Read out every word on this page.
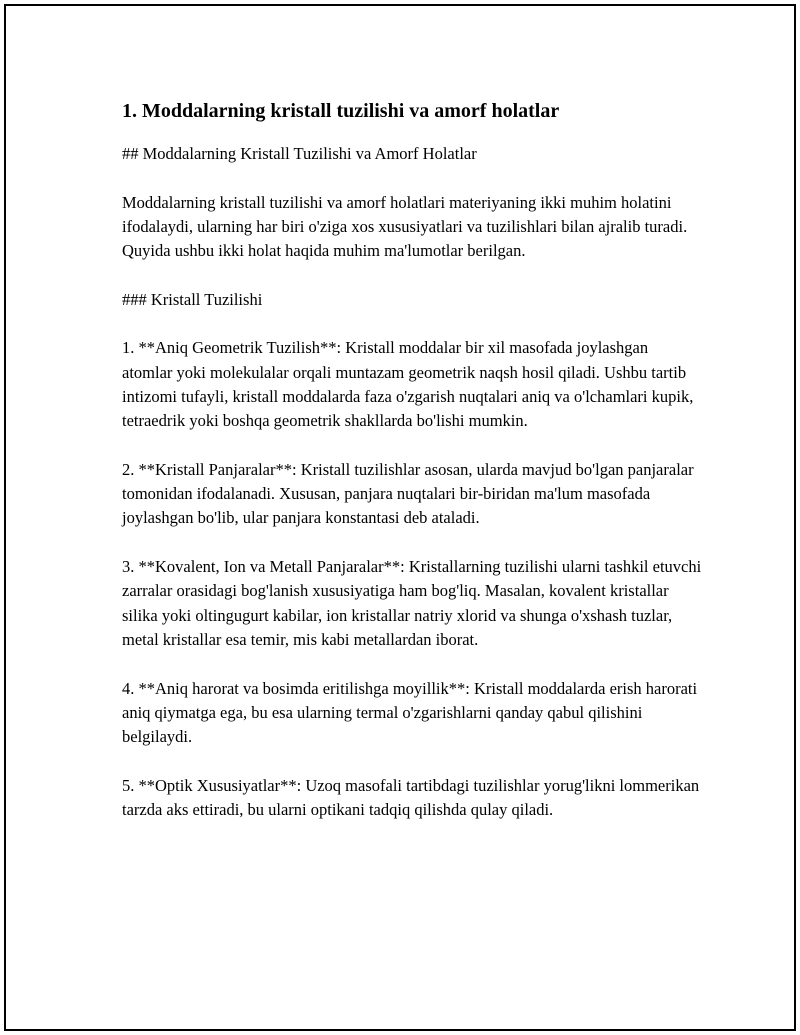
1. Moddalarning kristall tuzilishi va amorf holatlar

## Moddalarning Kristall Tuzilishi va Amorf Holatlar

Moddalarning kristall tuzilishi va amorf holatlari materiyaning ikki muhim holatini ifodalaydi, ularning har biri o'ziga xos xususiyatlari va tuzilishlari bilan ajralib turadi. Quyida ushbu ikki holat haqida muhim ma'lumotlar berilgan.

### Kristall Tuzilishi

1. **Aniq Geometrik Tuzilish**: Kristall moddalar bir xil masofada joylashgan atomlar yoki molekulalar orqali muntazam geometrik naqsh hosil qiladi. Ushbu tartib intizomi tufayli, kristall moddalarda faza o'zgarish nuqtalari aniq va o'lchamlari kupik, tetraedrik yoki boshqa geometrik shakllarda bo'lishi mumkin.

2. **Kristall Panjaralar**: Kristall tuzilishlar asosan, ularda mavjud bo'lgan panjaralar tomonidan ifodalanadi. Xususan, panjara nuqtalari bir-biridan ma'lum masofada joylashgan bo'lib, ular panjara konstantasi deb ataladi.

3. **Kovalent, Ion va Metall Panjaralar**: Kristallarning tuzilishi ularni tashkil etuvchi zarralar orasidagi bog'lanish xususiyatiga ham bog'liq. Masalan, kovalent kristallar silika yoki oltingugurt kabilar, ion kristallar natriy xlorid va shunga o'xshash tuzlar, metal kristallar esa temir, mis kabi metallardan iborat.

4. **Aniq harorat va bosimda eritilishga moyillik**: Kristall moddalarda erish harorati aniq qiymatga ega, bu esa ularning termal o'zgarishlarni qanday qabul qilishini belgilaydi.

5. **Optik Xususiyatlar**: Uzoq masofali tartibdagi tuzilishlar yorug'likni lommerikan tarzda aks ettiradi, bu ularni optikani tadqiq qilishda qulay qiladi.
